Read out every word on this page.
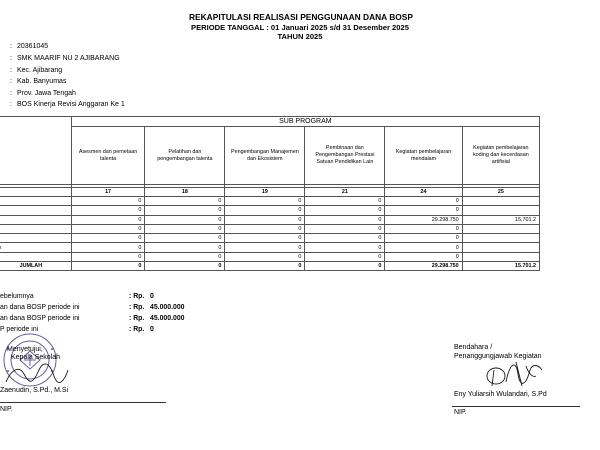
REKAPITULASI REALISASI PENGGUNAAN DANA BOSP
PERIODE TANGGAL : 01 Januari 2025 s/d 31 Desember 2025
TAHUN 2025
: 20361045
: SMK MAARIF NU 2 AJIBARANG
: Kec. Ajibarang
: Kab. Banyumas
: Prov. Jawa Tengah
: BOS Kinerja Revisi Anggaran Ke 1

	SUB PROGRAM					
	Asesmen dan pemetaan talenta	Pelatihan dan pengembangan talenta	Pengembangan Manajemen dan Ekosistem	Pembinaan dan Pengembangan Prestasi Satuan Pendidikan Lain	Kegiatan pembelajaran mendalam	Kegiatan pembelajaran koding dan kecerdasan artifisial

	17	18	19	21	24	25
	0	0	0	0	0	
	0	0	0	0	0	
	0	0	0	0	29.298.750	15.701.2
	0	0	0	0	0	
	0	0	0	0	0	
	0	0	0	0	0	
	0	0	0	0	0	
JUMLAH	0	0	0	0	29.298.750	15.701.2
ebelumnya	: Rp. 0
an dana BOSP periode ini	: Rp. 45.000.000
an dana BOSP periode ini	: Rp. 45.000.000
P periode ini	: Rp. 0
Menyetujui,
Kepala Sekolah
Zaenudin, S.Pd., M.Si
NIP.
Bendahara /
Penanggungjawab Kegiatan
Eny Yuliarsih Wulandari, S.Pd
NIP.
